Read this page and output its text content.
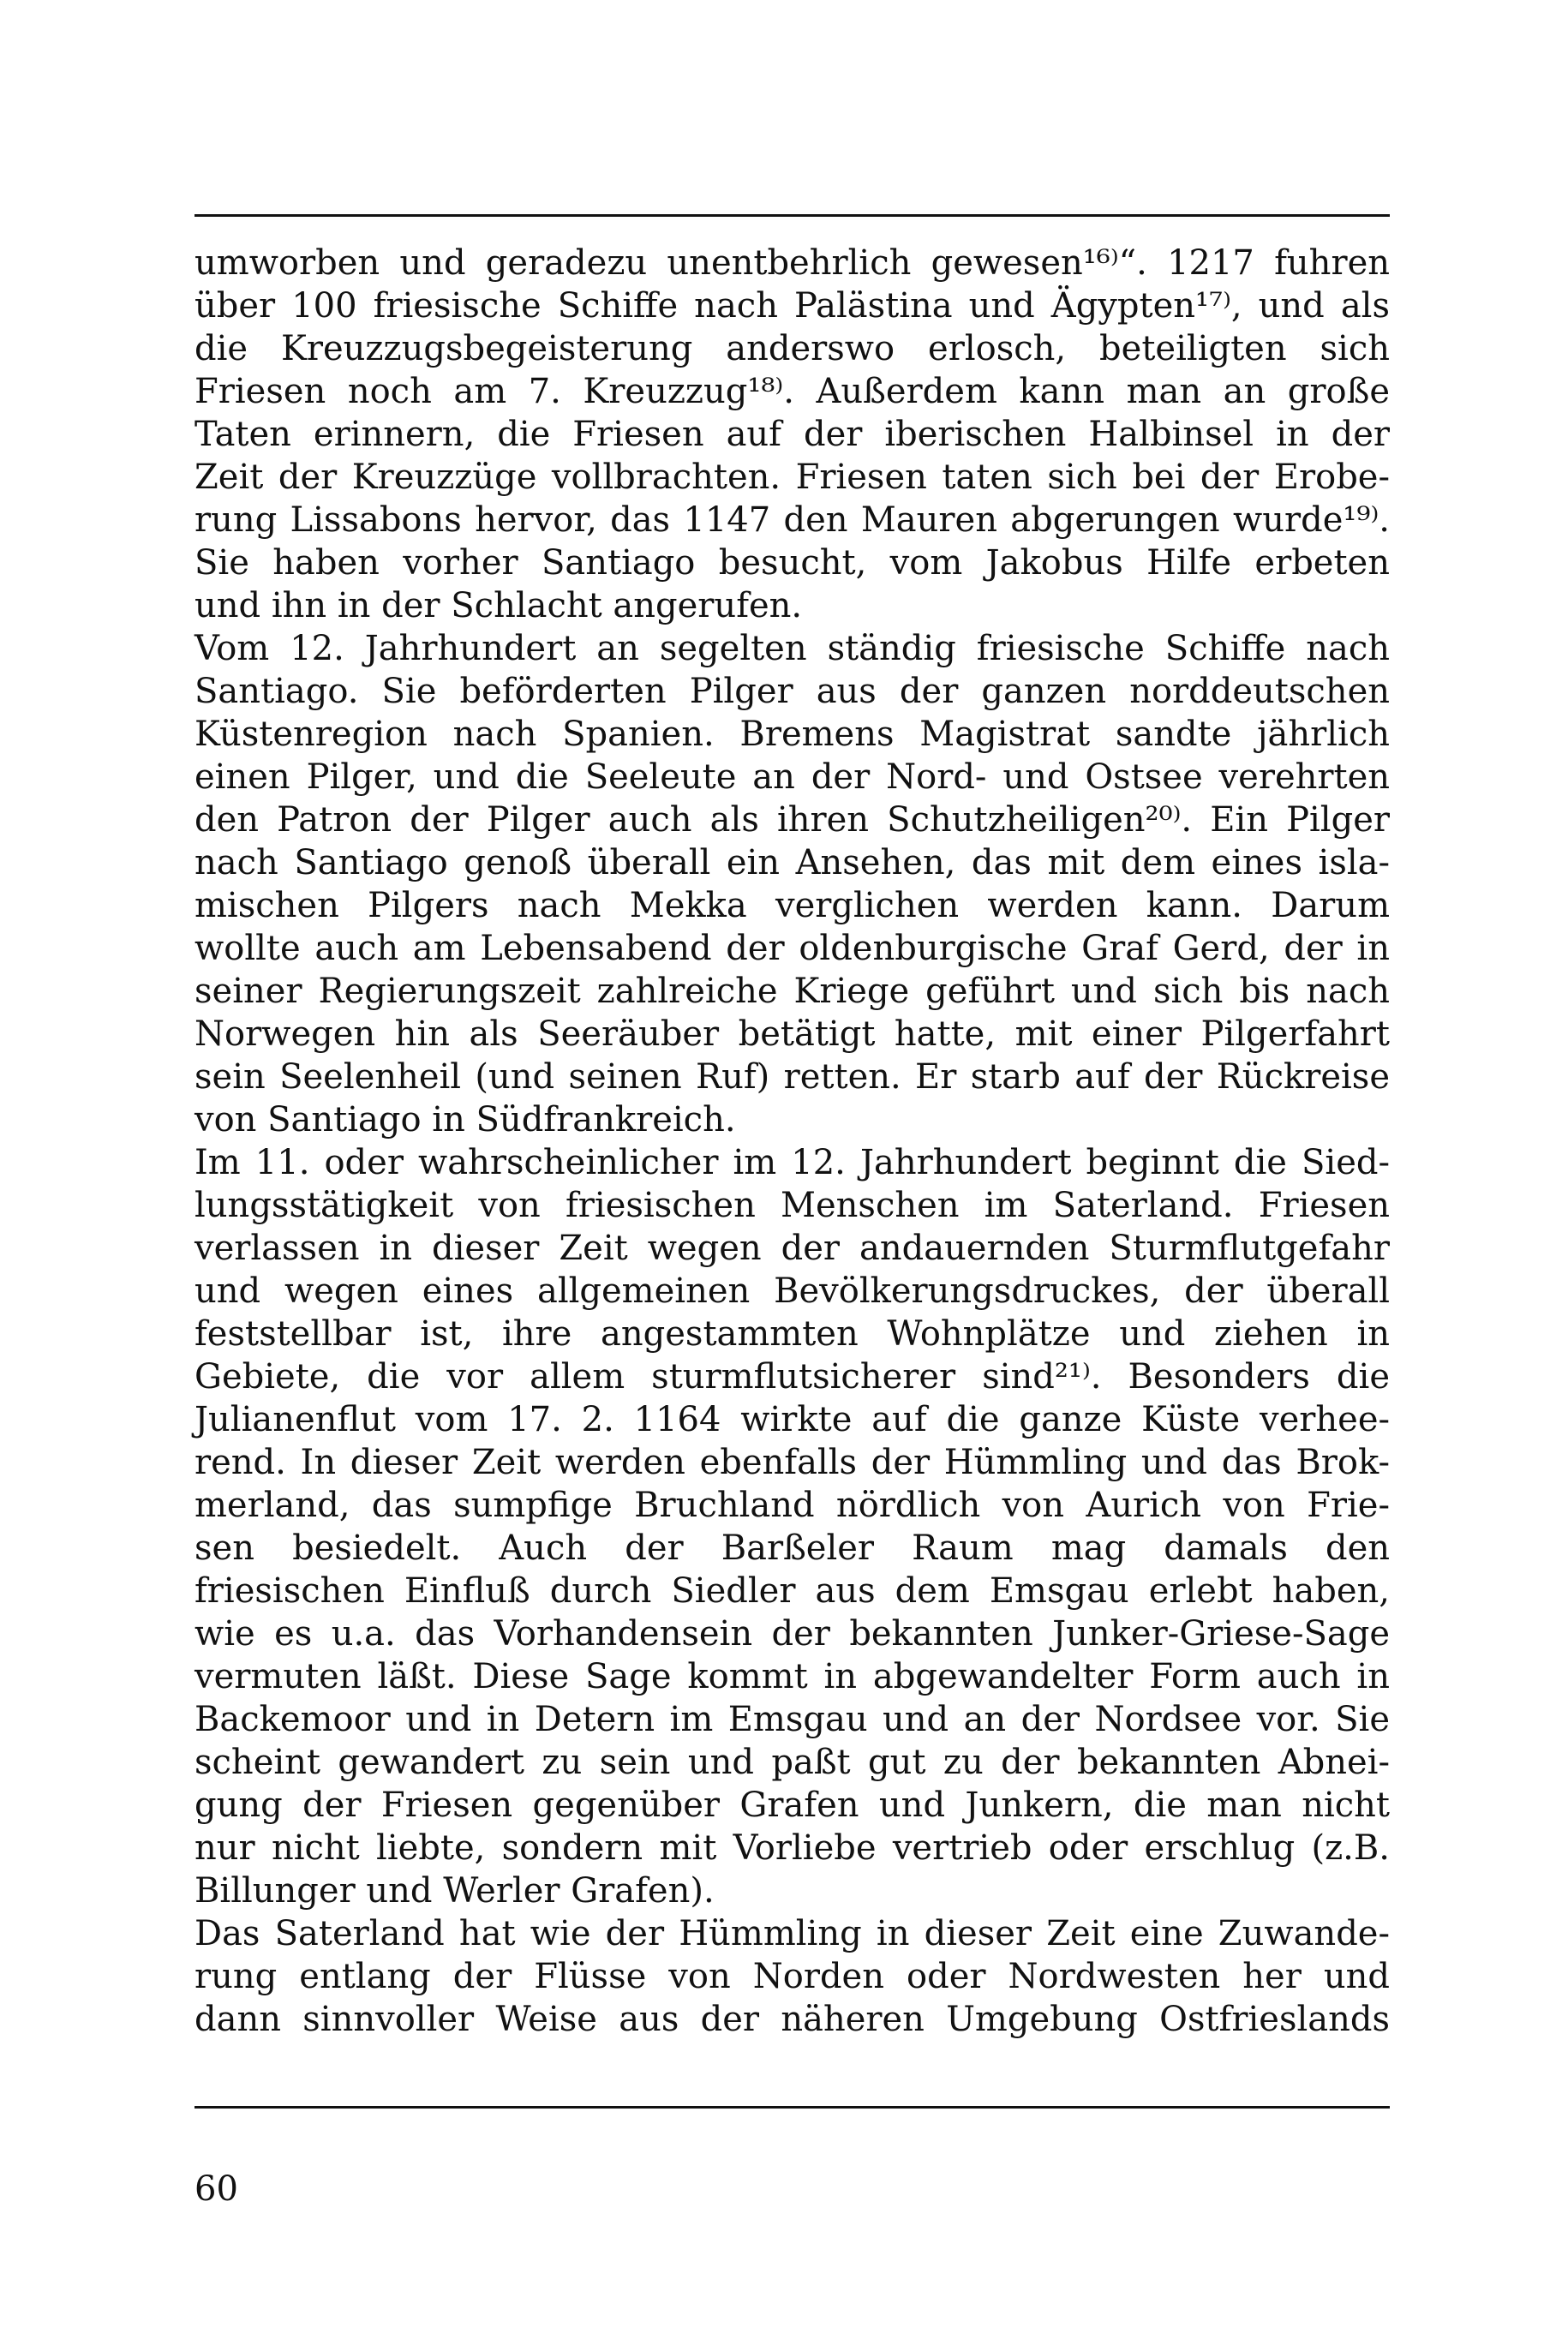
umworben und geradezu unentbehrlich gewesen¹⁶⁾“. 1217 fuhren
über 100 friesische Schiffe nach Palästina und Ägypten¹⁷⁾, und als
die Kreuzzugsbegeisterung anderswo erlosch, beteiligten sich
Friesen noch am 7. Kreuzzug¹⁸⁾. Außerdem kann man an große
Taten erinnern, die Friesen auf der iberischen Halbinsel in der
Zeit der Kreuzzüge vollbrachten. Friesen taten sich bei der Erobe-
rung Lissabons hervor, das 1147 den Mauren abgerungen wurde¹⁹⁾.
Sie haben vorher Santiago besucht, vom Jakobus Hilfe erbeten
und ihn in der Schlacht angerufen.
Vom 12. Jahrhundert an segelten ständig friesische Schiffe nach
Santiago. Sie beförderten Pilger aus der ganzen norddeutschen
Küstenregion nach Spanien. Bremens Magistrat sandte jährlich
einen Pilger, und die Seeleute an der Nord- und Ostsee verehrten
den Patron der Pilger auch als ihren Schutzheiligen²⁰⁾. Ein Pilger
nach Santiago genoß überall ein Ansehen, das mit dem eines isla-
mischen Pilgers nach Mekka verglichen werden kann. Darum
wollte auch am Lebensabend der oldenburgische Graf Gerd, der in
seiner Regierungszeit zahlreiche Kriege geführt und sich bis nach
Norwegen hin als Seeräuber betätigt hatte, mit einer Pilgerfahrt
sein Seelenheil (und seinen Ruf) retten. Er starb auf der Rückreise
von Santiago in Südfrankreich.
Im 11. oder wahrscheinlicher im 12. Jahrhundert beginnt die Sied-
lungsstätigkeit von friesischen Menschen im Saterland. Friesen
verlassen in dieser Zeit wegen der andauernden Sturmflutgefahr
und wegen eines allgemeinen Bevölkerungsdruckes, der überall
feststellbar ist, ihre angestammten Wohnplätze und ziehen in
Gebiete, die vor allem sturmflutsicherer sind²¹⁾. Besonders die
Julianenflut vom 17. 2. 1164 wirkte auf die ganze Küste verhee-
rend. In dieser Zeit werden ebenfalls der Hümmling und das Brok-
merland, das sumpfige Bruchland nördlich von Aurich von Frie-
sen besiedelt. Auch der Barßeler Raum mag damals den
friesischen Einfluß durch Siedler aus dem Emsgau erlebt haben,
wie es u.a. das Vorhandensein der bekannten Junker-Griese-Sage
vermuten läßt. Diese Sage kommt in abgewandelter Form auch in
Backemoor und in Detern im Emsgau und an der Nordsee vor. Sie
scheint gewandert zu sein und paßt gut zu der bekannten Abnei-
gung der Friesen gegenüber Grafen und Junkern, die man nicht
nur nicht liebte, sondern mit Vorliebe vertrieb oder erschlug (z.B.
Billunger und Werler Grafen).
Das Saterland hat wie der Hümmling in dieser Zeit eine Zuwande-
rung entlang der Flüsse von Norden oder Nordwesten her und
dann sinnvoller Weise aus der näheren Umgebung Ostfrieslands
60
